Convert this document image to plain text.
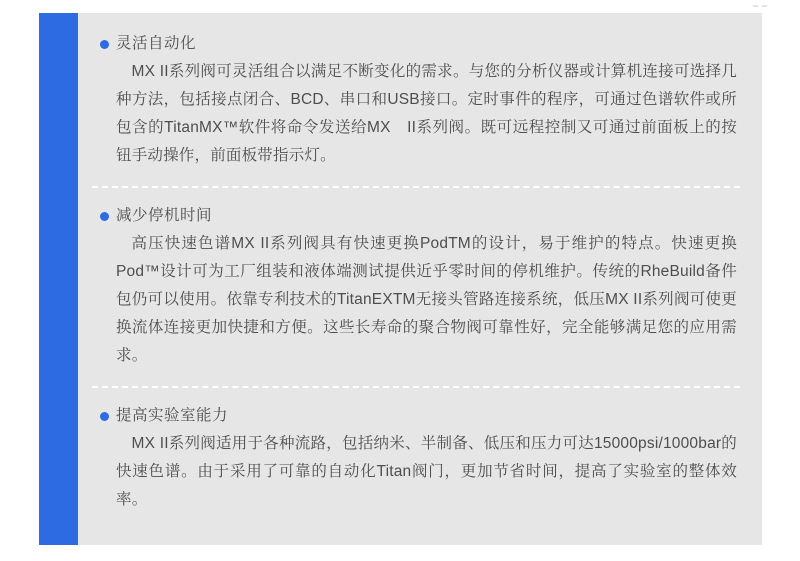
灵活自动化

MX II系列阀可灵活组合以满足不断变化的需求。与您的分析仪器或计算机连接可选择几种方法，包括接点闭合、BCD、串口和USB接口。定时事件的程序，可通过色谱软件或所包含的TitanMX™软件将命令发送给MX　II系列阀。既可远程控制又可通过前面板上的按钮手动操作，前面板带指示灯。

减少停机时间

高压快速色谱MX II系列阀具有快速更换PodTM的设计，易于维护的特点。快速更换Pod™设计可为工厂组装和液体端测试提供近乎零时间的停机维护。传统的RheBuild备件包仍可以使用。依靠专利技术的TitanEXTM无接头管路连接系统，低压MX II系列阀可使更换流体连接更加快捷和方便。这些长寿命的聚合物阀可靠性好，完全能够满足您的应用需求。

提高实验室能力

MX II系列阀适用于各种流路，包括纳米、半制备、低压和压力可达15000psi/1000bar的快速色谱。由于采用了可靠的自动化Titan阀门，更加节省时间，提高了实验室的整体效率。
